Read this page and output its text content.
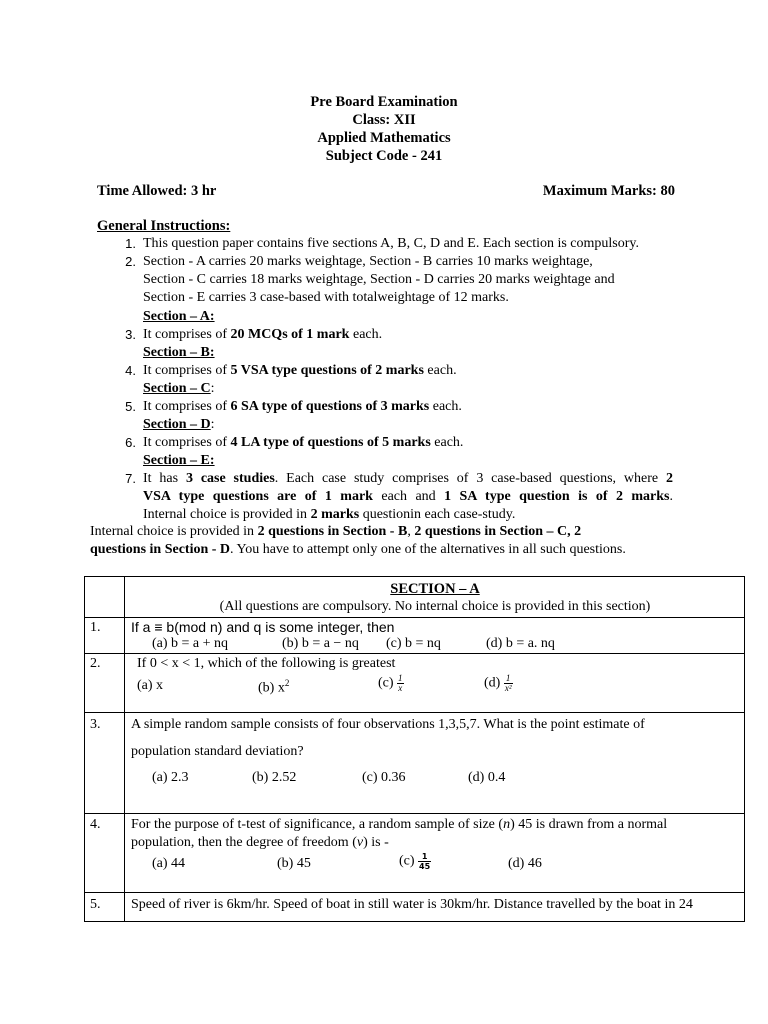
Pre Board Examination
Class: XII
Applied Mathematics
Subject Code - 241
Time Allowed: 3 hr	Maximum Marks: 80
General Instructions:
1. This question paper contains five sections A, B, C, D and E. Each section is compulsory.
2. Section - A carries 20 marks weightage, Section - B carries 10 marks weightage,
Section - C carries 18 marks weightage, Section - D carries 20 marks weightage and
Section - E carries 3 case-based with totalweightage of 12 marks.
Section – A:
3. It comprises of 20 MCQs of 1 mark each.
Section – B:
4. It comprises of 5 VSA type questions of 2 marks each.
Section – C:
5. It comprises of 6 SA type of questions of 3 marks each.
Section – D:
6. It comprises of 4 LA type of questions of 5 marks each.
Section – E:
7. It has 3 case studies. Each case study comprises of 3 case-based questions, where 2
VSA type questions are of 1 mark each and 1 SA type question is of 2 marks.
Internal choice is provided in 2 marks questionin each case-study.
Internal choice is provided in 2 questions in Section - B, 2 questions in Section – C, 2
questions in Section - D. You have to attempt only one of the alternatives in all such questions.
SECTION – A
(All questions are compulsory. No internal choice is provided in this section)
1. If a ≡ b(mod n) and q is some integer, then
(a) b = a + nq	(b) b = a − nq (c) b = nq	(d) b = a. nq
2.	If 0 < x < 1, which of the following is greatest
(a) x	(b) $x^2$	$(c) \frac{1}{x}$	$(d) \frac{1}{\text{x²}}$
3. A simple random sample consists of four observations 1,3,5,7. What is the point estimate of
population standard deviation?
(a) 2.3	(b) 2.52	(c) 0.36	(d) 0.4
4. For the purpose of t-test of significance, a random sample of size (n) 45 is drawn from a normal
population, then the degree of freedom (v) is -
(a) 44	(b) 45	$(c) \frac{1}{45}$	(d) 46
5. Speed of river is 6km/hr. Speed of boat in still water is 30km/hr. Distance travelled by the boat in 24
